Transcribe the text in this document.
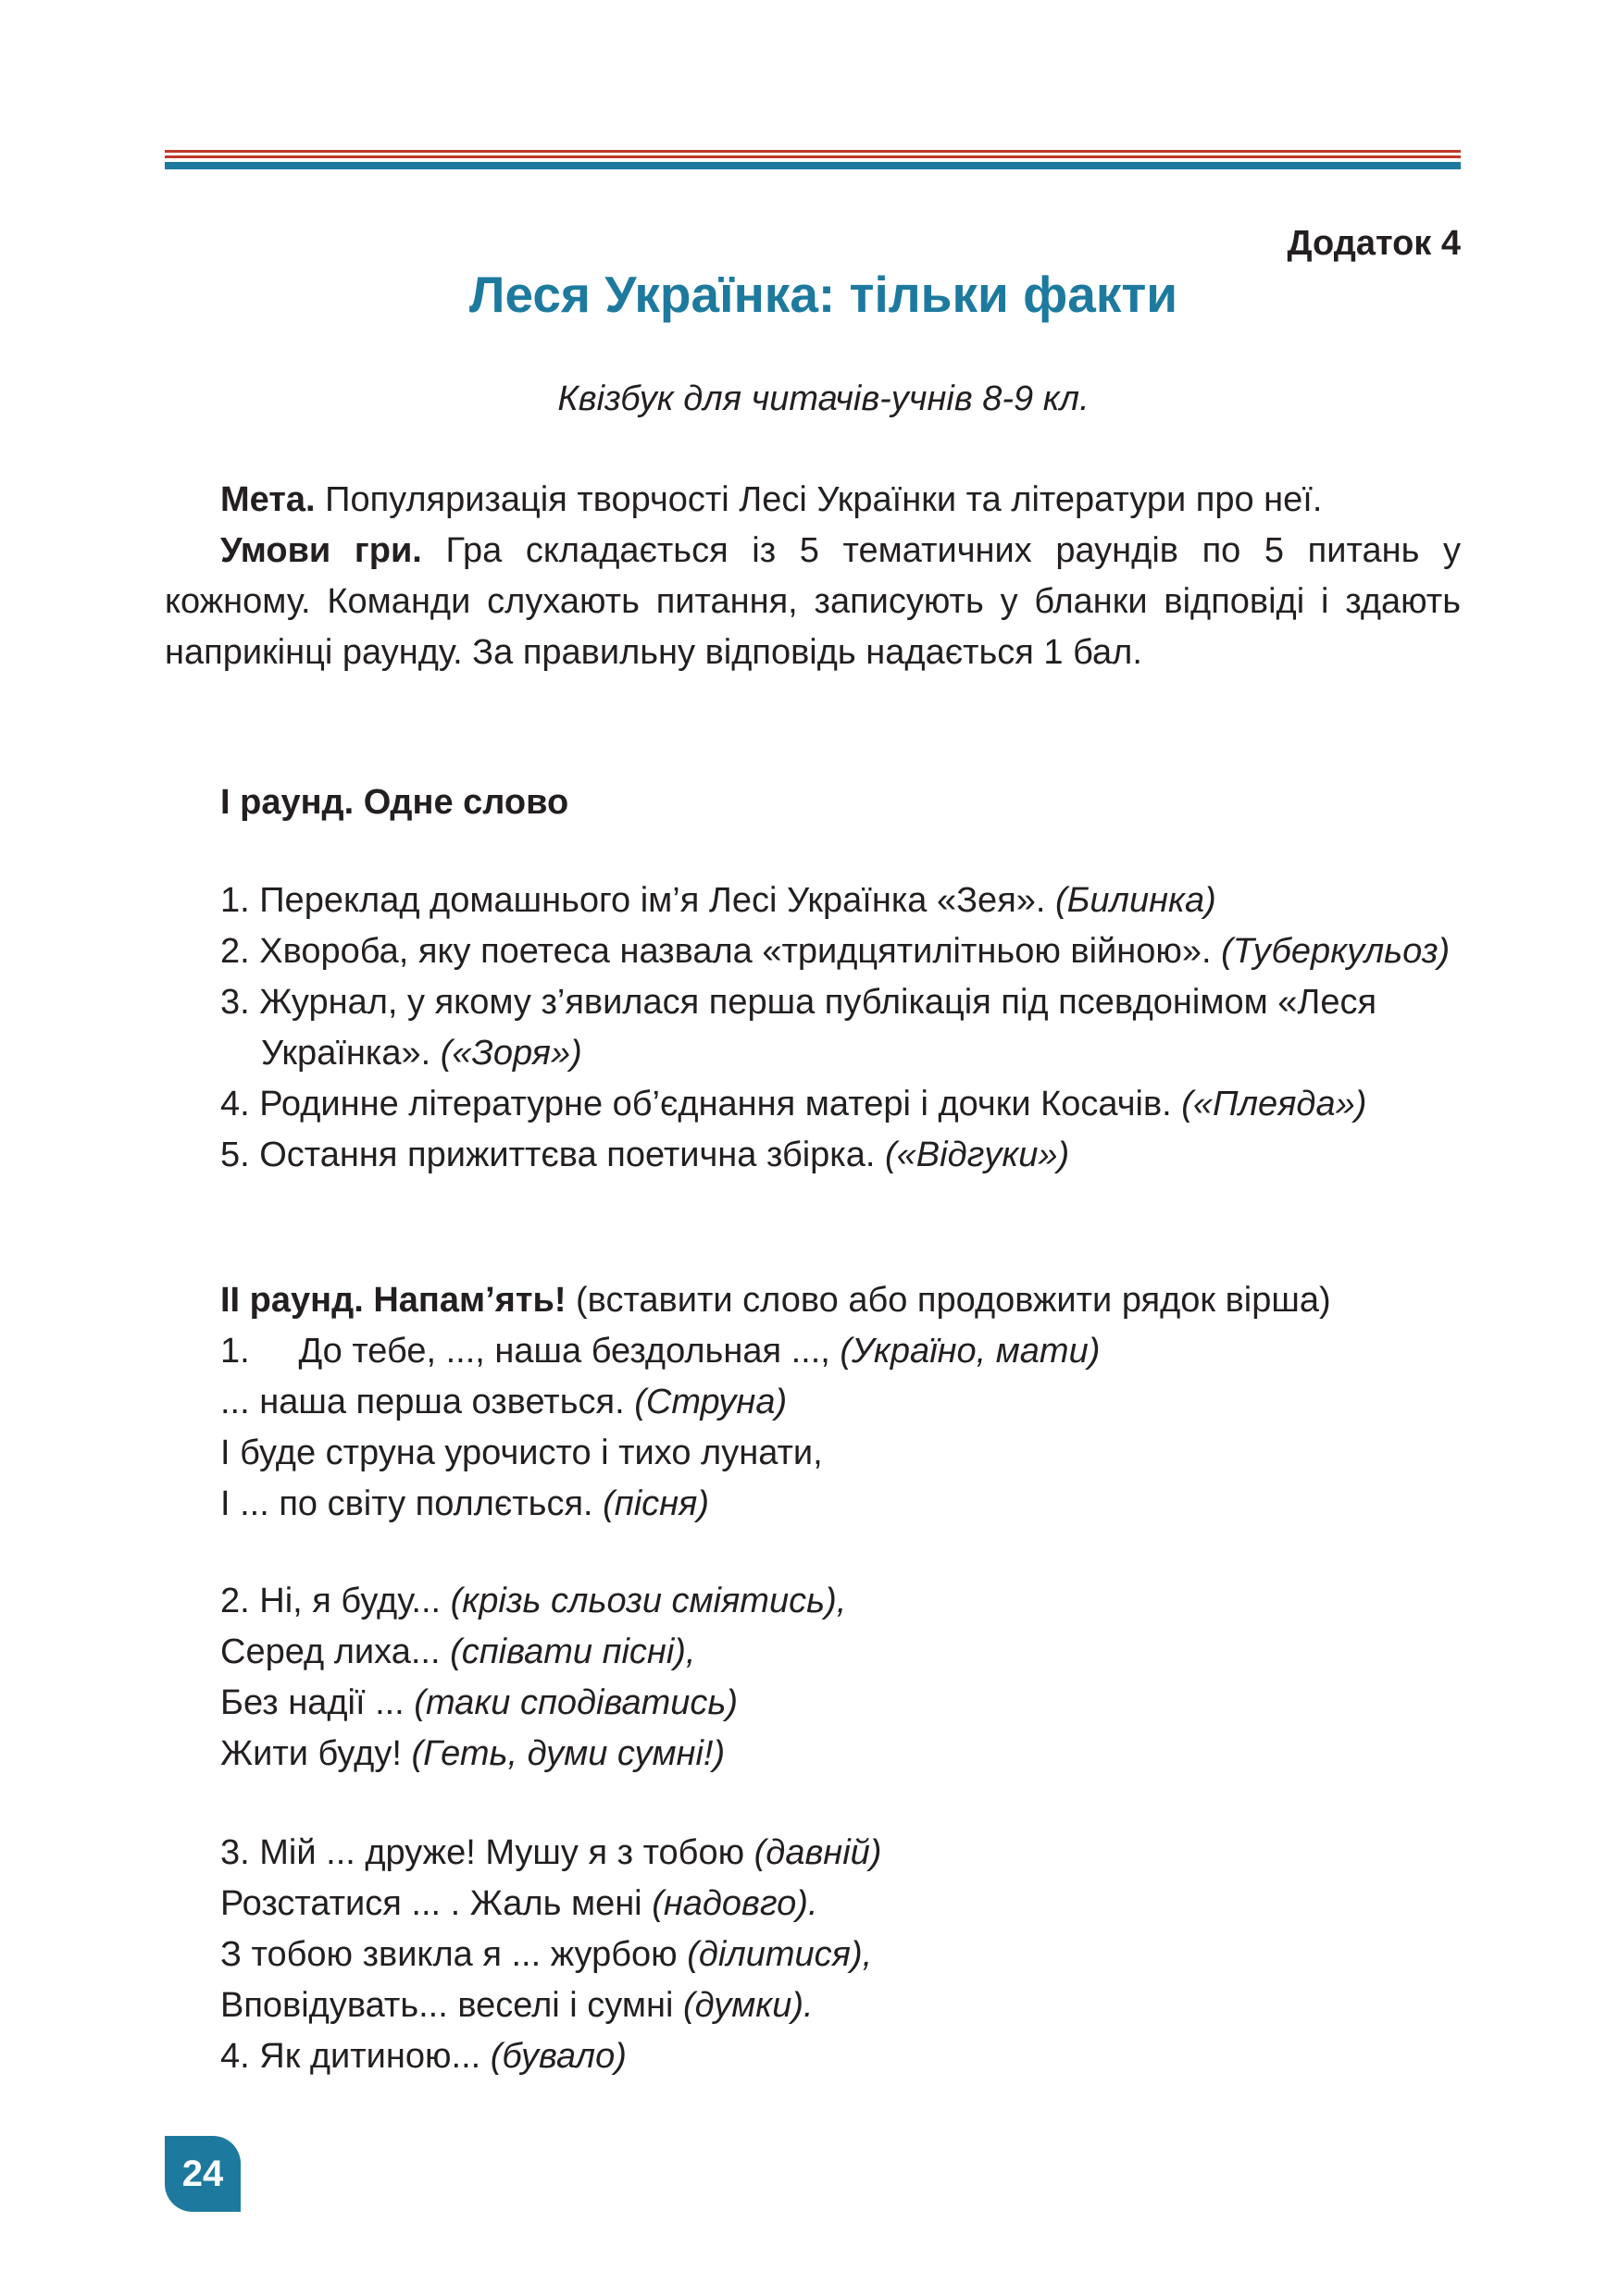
Додаток 4

Леся Українка: тільки факти

Квізбук для читачів-учнів 8-9 кл.

Мета. Популяризація творчості Лесі Українки та літератури про неї.

Умови гри. Гра складається із 5 тематичних раундів по 5 питань у кожному. Команди слухають питання, записують у бланки відповіді і здають наприкінці раунду. За правильну відповідь надається 1 бал.

І раунд. Одне слово
1. Переклад домашнього ім’я Лесі Українка «Зея». (Билинка)
2. Хвороба, яку поетеса назвала «тридцятилітньою війною». (Туберкульоз)
3. Журнал, у якому з’явилася перша публікація під псевдонімом «Леся Українка». («Зоря»)
4. Родинне літературне об’єднання матері і дочки Косачів. («Плеяда»)
5. Остання прижиттєва поетична збірка. («Відгуки»)
ІІ раунд. Напам’ять! (вставити слово або продовжити рядок вірша)
1.     До тебе, ..., наша бездольная ..., (Україно, мати)
... наша перша озветься. (Струна)
І буде струна урочисто і тихо лунати,
І ... по світу поллється. (пісня)
2. Ні, я буду... (крізь сльози сміятись),
Серед лиха... (співати пісні),
Без надії ... (таки сподіватись)
Жити буду! (Геть, думи сумні!)
3. Мій ... друже! Мушу я з тобою (давній)
Розстатися ... . Жаль мені (надовго).
З тобою звикла я ... журбою (ділитися),
Вповідувать... веселі і сумні (думки).
4. Як дитиною... (бувало)
24
